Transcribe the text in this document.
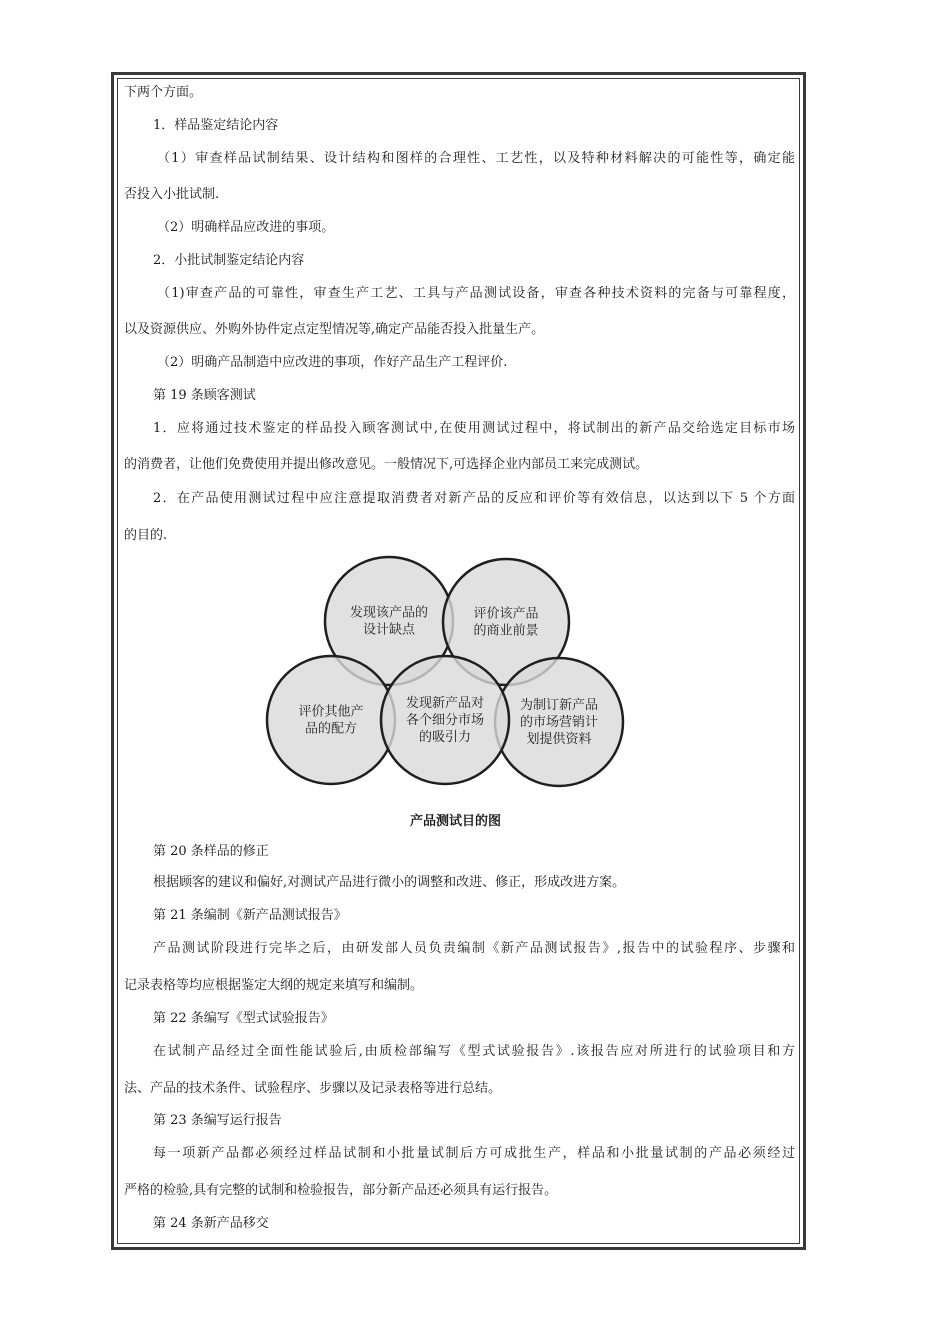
下两个方面。
1．样品鉴定结论内容
（1）审查样品试制结果、设计结构和图样的合理性、工艺性，以及特种材料解决的可能性等，确定能
否投入小批试制.
（2）明确样品应改进的事项。
2．小批试制鉴定结论内容
（1)审查产品的可靠性，审查生产工艺、工具与产品测试设备，审查各种技术资料的完备与可靠程度，
以及资源供应、外购外协件定点定型情况等,确定产品能否投入批量生产。
（2）明确产品制造中应改进的事项，作好产品生产工程评价.
第 19 条顾客测试
1．应将通过技术鉴定的样品投入顾客测试中,在使用测试过程中，将试制出的新产品交给选定目标市场
的消费者，让他们免费使用并提出修改意见。一般情况下,可选择企业内部员工来完成测试。
2．在产品使用测试过程中应注意提取消费者对新产品的反应和评价等有效信息，以达到以下 5 个方面
的目的.
发现该产品的
设计缺点
评价该产品
的商业前景
评价其他产
品的配方
发现新产品对
各个细分市场
的吸引力
为制订新产品
的市场营销计
划提供资料
产品测试目的图
第 20 条样品的修正
根据顾客的建议和偏好,对测试产品进行微小的调整和改进、修正，形成改进方案。
第 21 条编制《新产品测试报告》
产品测试阶段进行完毕之后，由研发部人员负责编制《新产品测试报告》,报告中的试验程序、步骤和
记录表格等均应根据鉴定大纲的规定来填写和编制。
第 22 条编写《型式试验报告》
在试制产品经过全面性能试验后,由质检部编写《型式试验报告》.该报告应对所进行的试验项目和方
法、产品的技术条件、试验程序、步骤以及记录表格等进行总结。
第 23 条编写运行报告
每一项新产品都必须经过样品试制和小批量试制后方可成批生产，样品和小批量试制的产品必须经过
严格的检验,具有完整的试制和检验报告，部分新产品还必须具有运行报告。
第 24 条新产品移交
